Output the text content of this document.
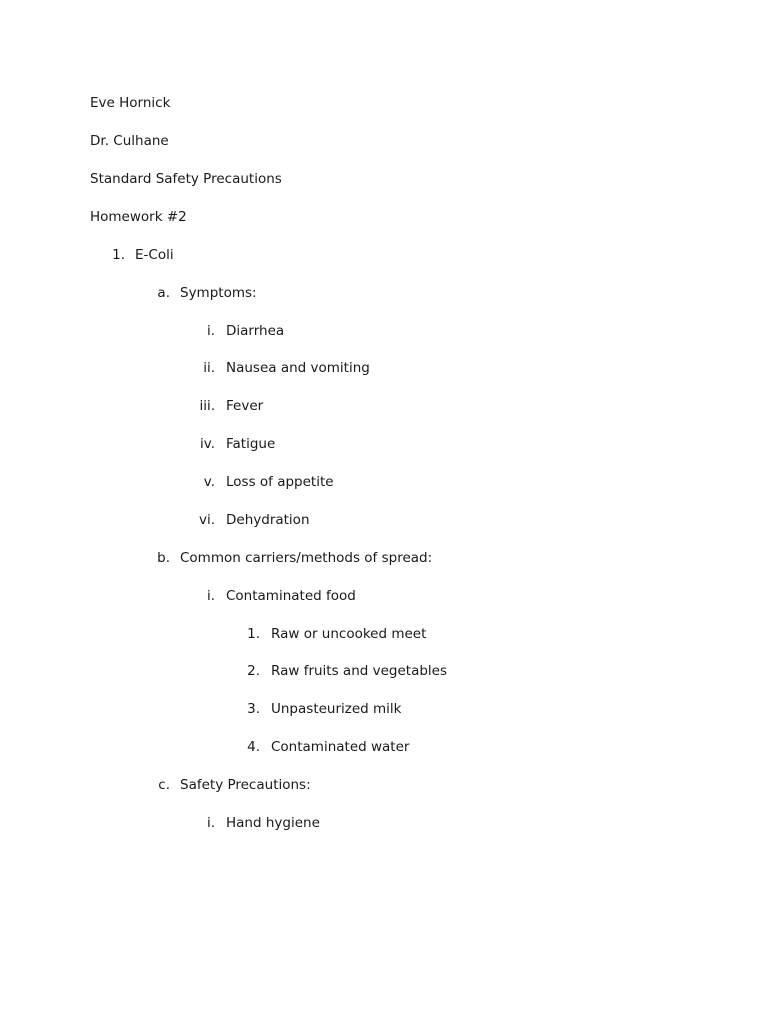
Eve Hornick
Dr. Culhane
Standard Safety Precautions
Homework #2
1. E-Coli
a. Symptoms:
i. Diarrhea
ii. Nausea and vomiting
iii. Fever
iv. Fatigue
v. Loss of appetite
vi. Dehydration
b. Common carriers/methods of spread:
i. Contaminated food
1. Raw or uncooked meet
2. Raw fruits and vegetables
3. Unpasteurized milk
4. Contaminated water
c. Safety Precautions:
i. Hand hygiene
